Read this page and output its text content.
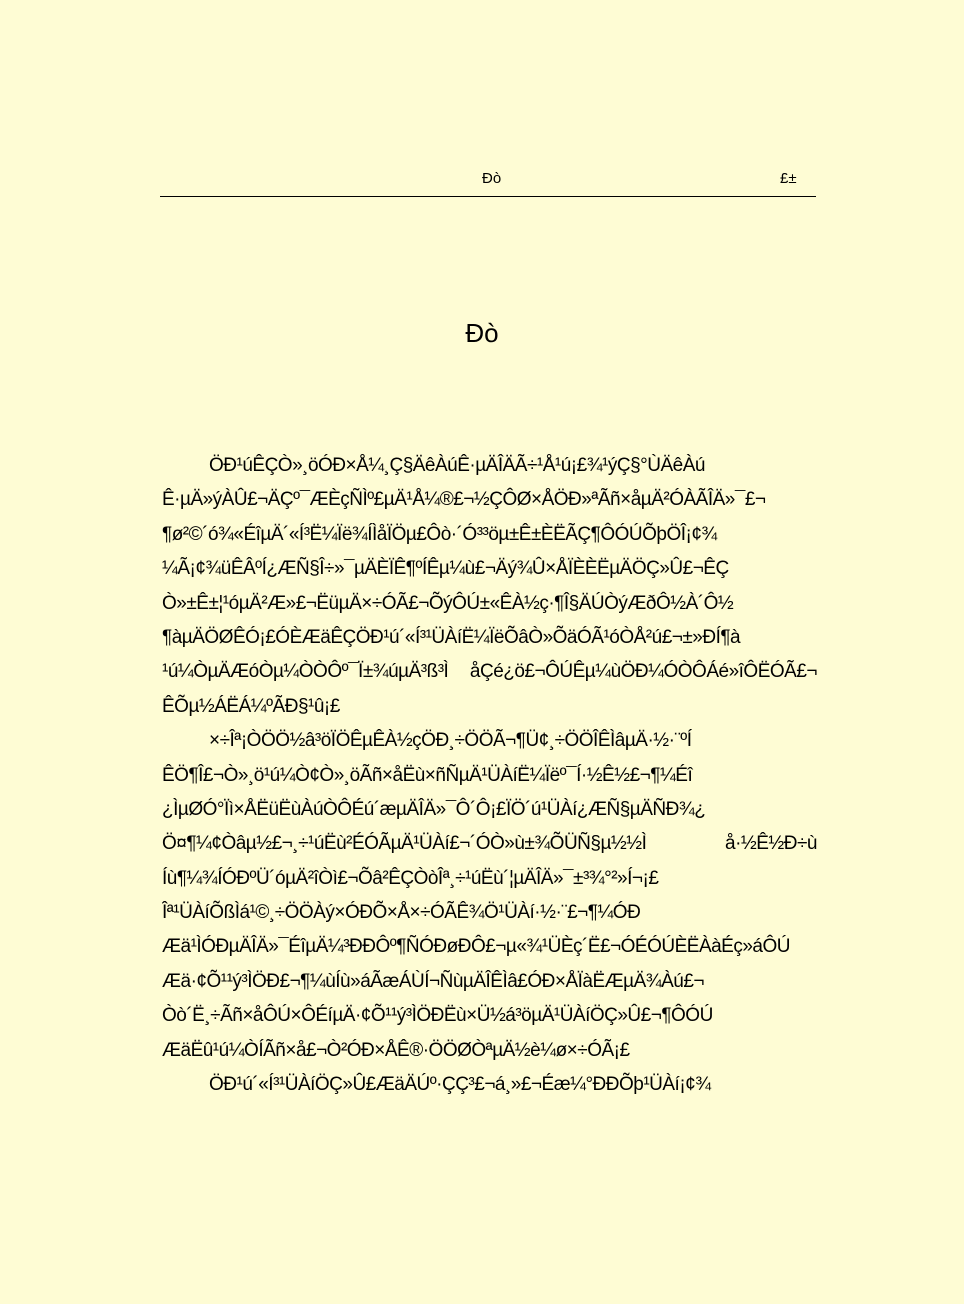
Ðò	£±
Ðò
ÖÐ¹úÊÇÒ»¸öÓÐ×Å¼¸Ç§ÄêÀúÊ·µÄÎÄÃ÷¹Å¹ú¡£¾¹ýÇ§°ÙÄêÀú
Ê·µÄ»ýÀÛ£¬ÄÇº¯ÆÈçÑÌº£µÄ¹Å¼®£¬½ÇÔØ×ÅÖÐ»ªÃñ×åµÄ²ÓÀÃÎÄ»¯£¬
¶ø²©´ó¾«ÉîµÄ´«Í³Ë¼Ïë¾ÍÌåÏÖµ£Ôò·´Ó³³öµ±Ê±ÈËÃÇ¶ÔÓÚÕþÖÎ¡¢¾
¼Ã¡¢¾üÊÂºÍ¿ÆÑ§Î÷»¯µÄÈÏÊ¶ºÍÊµ¼ù£¬Äý¾Û×ÅÏÈÈËµÄÖÇ»Û£¬ÊÇ
Ò»±Ê±¦¹óµÄ²Æ»£¬ËüµÄ×÷ÓÃ£¬ÕýÔÚ±«ÊÀ½ç·¶Î§ÄÚÒýÆðÔ½À´Ô½
¶àµÄÖØÊÓ¡£ÓÈÆäÊÇÖÐ¹ú´«Í³¹ÜÀíË¼ÏëÕâÒ»ÕäÓÃ¹óÒÅ²ú£¬±»ÐÍ¶à
¹ú¼ÒµÄÆóÒµ¼ÒÒÔº¯Ï±¾úµÄ³ß³Ì åÇé¿ö£¬ÔÚÊµ¼ùÖÐ¼ÓÒÔÁé»îÔËÓÃ£¬
ÊÕµ½ÁËÁ¼ºÃÐ§¹û¡£
×÷Îª¡ÒÖÖ½â³öÏÖÊµÊÀ½çÖÐ¸÷ÖÖÃ¬¶Ü¢¸÷ÖÖÎÊÌâµÄ·½·¨ºÍ
ÊÖ¶Î£¬Ò»¸ö¹ú¼Ò¢Ò»¸öÃñ×åËù×ñÑµÄ¹ÜÀíË¼Ïëº¯Í·½Ê½£¬¶¼Éî
¿ÌµØÓ°Ïì×ÅËüËùÀúÒÔÉú´æµÄÎÄ»¯Ô´Ô¡£ÏÖ´ú¹ÜÀí¿ÆÑ§µÄÑÐ¾¿
Ö¤¶¼¢Òâµ½£¬¸÷¹úËù²ÉÓÃµÄ¹ÜÀí£¬´ÓÒ»ù±¾ÕÜÑ§µ½½Ì å·½Ê½Ð÷ù
Íù¶¼¾ÍÓÐºÜ´óµÄ²îÒì£¬Õâ²ÊÇÒòÎª¸÷¹úËù´¦µÄÎÄ»¯±³¾°²»Í¬¡£
Îª¹ÜÀíÕßÌá¹©¸÷ÖÖÀý×ÓÐÕ×Å×÷ÓÃÊ¾Ö¹ÜÀí·½·¨£¬¶¼ÓÐ
Æä¹ÌÓÐµÄÎÄ»¯ÉîµÄ¼³ÐÐÔº¶ÑÓÐøÐÔ£¬µ«¾¹ÜÈç´Ë£¬ÓÉÓÚÈËÀàÉç»áÔÚ
Æä·¢Õ¹¹ý³ÌÖÐ£¬¶¼ùÍù»áÃæÁÙÍ¬ÑùµÄÎÊÌâ£ÓÐ×ÅÏàËÆµÄ¾Àú£¬
Òò´Ë¸÷Ãñ×åÔÚ×ÔÉíµÄ·¢Õ¹¹ý³ÌÖÐËù×Ü½á³öµÄ¹ÜÀíÖÇ»Û£¬¶ÔÓÚ
ÆäËû¹ú¼ÒÍÃñ×å£¬Ò²ÓÐ×ÅÊ®·ÖÖØÒªµÄ½è¼ø×÷ÓÃ¡£
ÖÐ¹ú´«Í³¹ÜÀíÖÇ»Û£ÆäÄÚº·ÇÇ³£¬á¸»£¬Éæ¼°ÐÐÕþ¹ÜÀí¡¢¾
